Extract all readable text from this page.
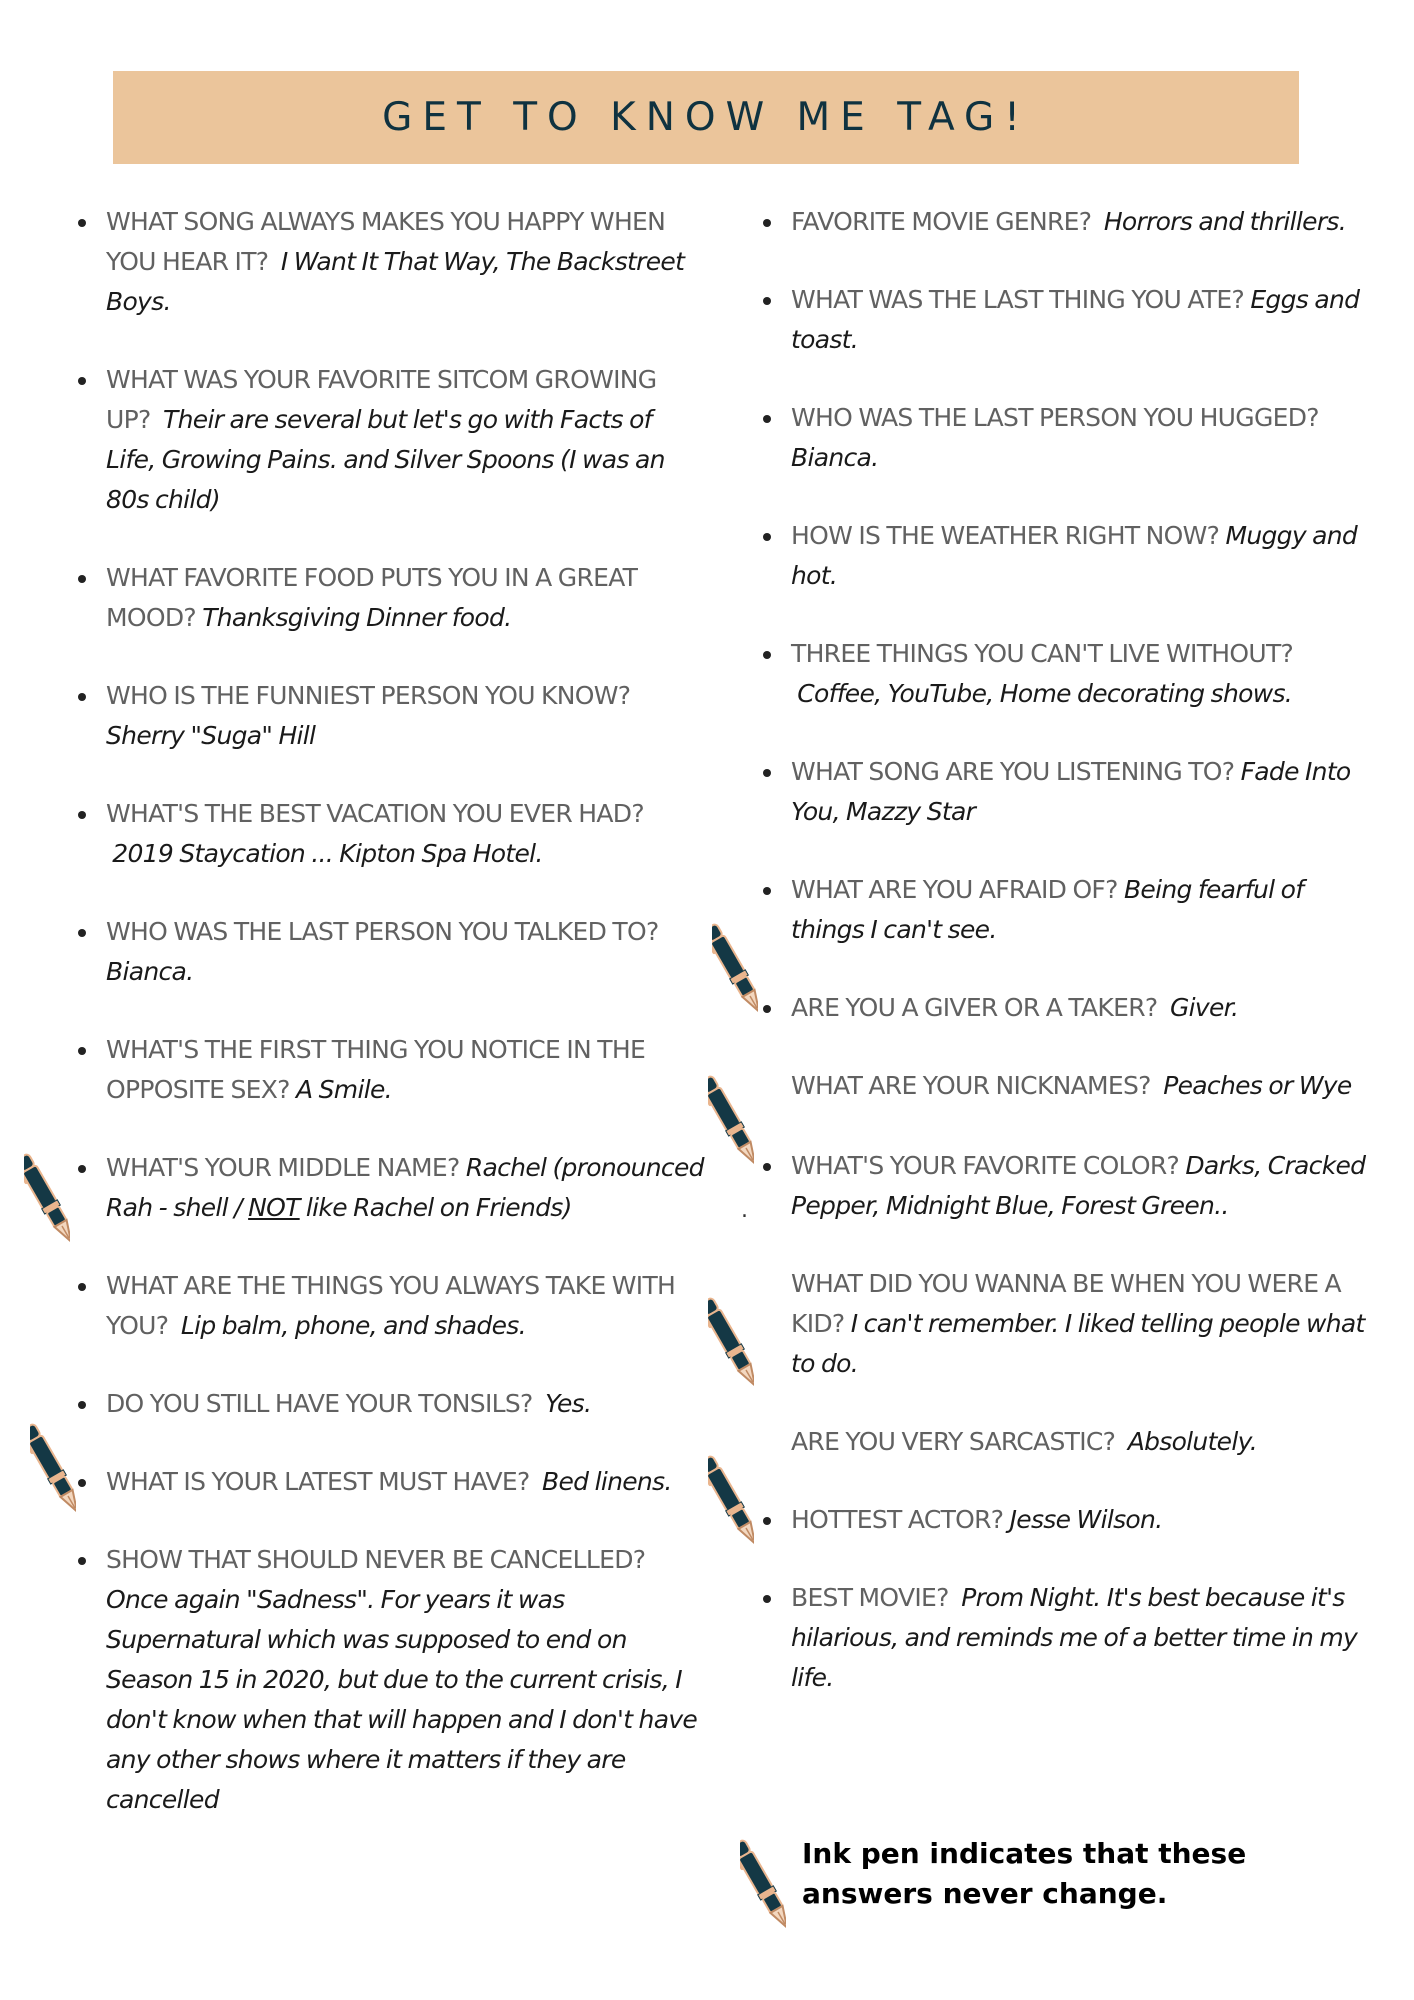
GET TO KNOW ME TAG!
WHAT SONG ALWAYS MAKES YOU HAPPY WHEN YOU HEAR IT? I Want It That Way, The Backstreet Boys.
WHAT WAS YOUR FAVORITE SITCOM GROWING UP? Their are several but let's go with Facts of Life, Growing Pains. and Silver Spoons (I was an 80s child)
WHAT FAVORITE FOOD PUTS YOU IN A GREAT MOOD? Thanksgiving Dinner food.
WHO IS THE FUNNIEST PERSON YOU KNOW? Sherry "Suga" Hill
WHAT'S THE BEST VACATION YOU EVER HAD?  2019 Staycation ... Kipton Spa Hotel.
WHO WAS THE LAST PERSON YOU TALKED TO? Bianca.
WHAT'S THE FIRST THING YOU NOTICE IN THE OPPOSITE SEX? A Smile.
WHAT'S YOUR MIDDLE NAME? Rachel (pronounced Rah - shell / NOT like Rachel on Friends)
WHAT ARE THE THINGS YOU ALWAYS TAKE WITH YOU? Lip balm, phone, and shades.
DO YOU STILL HAVE YOUR TONSILS? Yes.
WHAT IS YOUR LATEST MUST HAVE? Bed linens.
SHOW THAT SHOULD NEVER BE CANCELLED? Once again "Sadness". For years it was Supernatural which was supposed to end on Season 15 in 2020, but due to the current crisis, I don't know when that will happen and I don't have any other shows where it matters if they are cancelled
FAVORITE MOVIE GENRE? Horrors and thrillers.
WHAT WAS THE LAST THING YOU ATE? Eggs and toast.
WHO WAS THE LAST PERSON YOU HUGGED? Bianca.
HOW IS THE WEATHER RIGHT NOW? Muggy and hot.
THREE THINGS YOU CAN'T LIVE WITHOUT?  Coffee, YouTube, Home decorating shows.
WHAT SONG ARE YOU LISTENING TO? Fade Into You, Mazzy Star
WHAT ARE YOU AFRAID OF? Being fearful of things I can't see.
ARE YOU A GIVER OR A TAKER? Giver.
WHAT ARE YOUR NICKNAMES? Peaches or Wye
WHAT'S YOUR FAVORITE COLOR? Darks, Cracked Pepper, Midnight Blue, Forest Green..
WHAT DID YOU WANNA BE WHEN YOU WERE A KID? I can't remember. I liked telling people what to do.
ARE YOU VERY SARCASTIC? Absolutely.
HOTTEST ACTOR? Jesse Wilson.
BEST MOVIE? Prom Night. It's best because it's hilarious, and reminds me of a better time in my life.
.
Ink pen indicates that these answers never change.
